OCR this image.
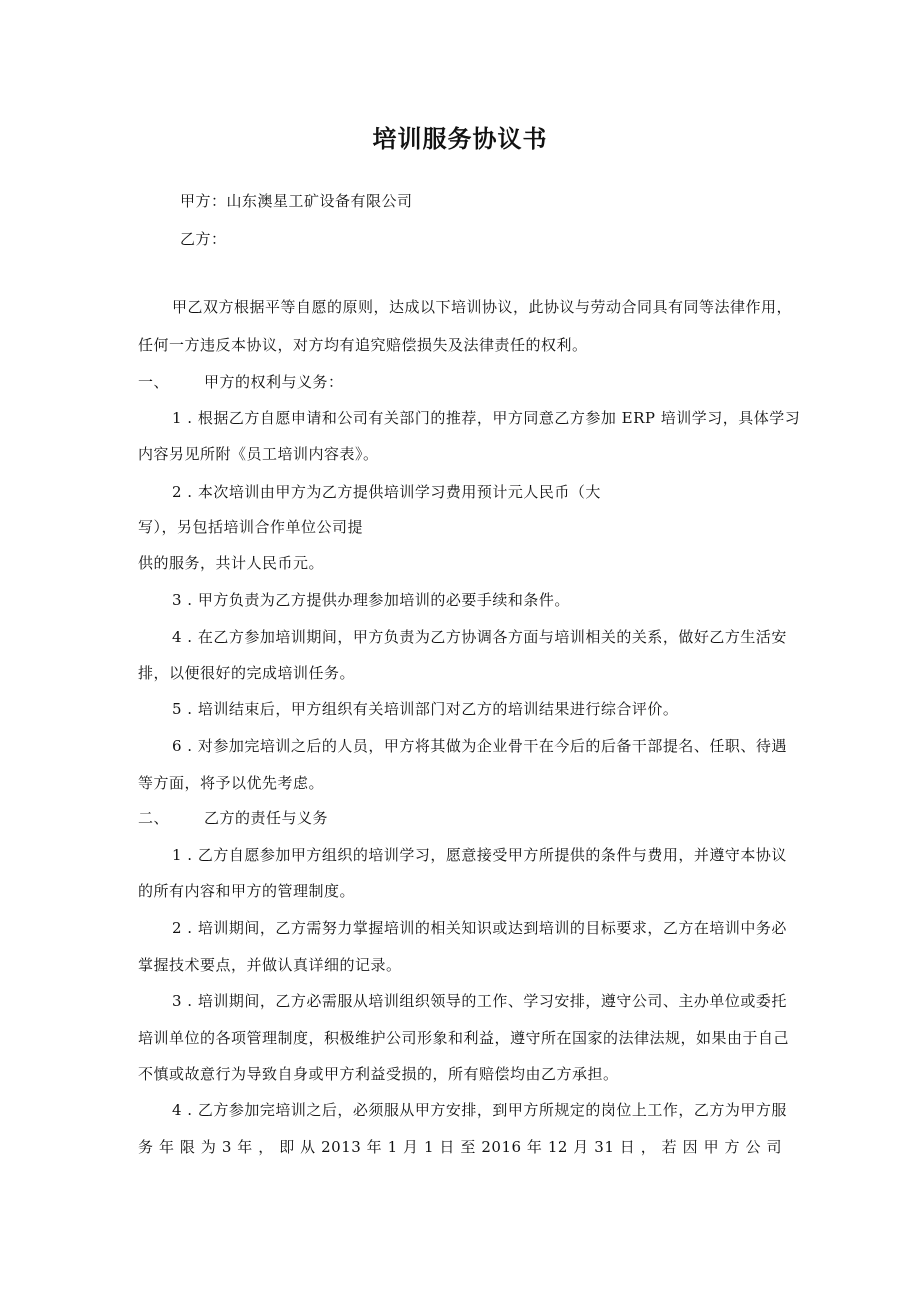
培训服务协议书
甲方：山东澳星工矿设备有限公司
乙方：
甲乙双方根据平等自愿的原则，达成以下培训协议，此协议与劳动合同具有同等法律作用，
任何一方违反本协议，对方均有追究赔偿损失及法律责任的权利。
一、 甲方的权利与义务：
1 . 根据乙方自愿申请和公司有关部门的推荐，甲方同意乙方参加 ERP 培训学习，具体学习
内容另见所附《员工培训内容表》。
2 . 本次培训由甲方为乙方提供培训学习费用预计元人民币（大
写），另包括培训合作单位公司提
供的服务，共计人民币元。
3 . 甲方负责为乙方提供办理参加培训的必要手续和条件。
4 . 在乙方参加培训期间，甲方负责为乙方协调各方面与培训相关的关系，做好乙方生活安
排，以便很好的完成培训任务。
5 . 培训结束后，甲方组织有关培训部门对乙方的培训结果进行综合评价。
6 . 对参加完培训之后的人员，甲方将其做为企业骨干在今后的后备干部提名、任职、待遇
等方面，将予以优先考虑。
二、 乙方的责任与义务
1 . 乙方自愿参加甲方组织的培训学习，愿意接受甲方所提供的条件与费用，并遵守本协议
的所有内容和甲方的管理制度。
2 . 培训期间，乙方需努力掌握培训的相关知识或达到培训的目标要求，乙方在培训中务必
掌握技术要点，并做认真详细的记录。
3 . 培训期间，乙方必需服从培训组织领导的工作、学习安排，遵守公司、主办单位或委托
培训单位的各项管理制度，积极维护公司形象和利益，遵守所在国家的法律法规，如果由于自己
不慎或故意行为导致自身或甲方利益受损的，所有赔偿均由乙方承担。
4 . 乙方参加完培训之后，必须服从甲方安排，到甲方所规定的岗位上工作，乙方为甲方服
务 年 限 为 3 年 ， 即 从 2013 年 1 月 1 日 至 2016 年 12 月 31 日 ， 若 因 甲 方 公 司
